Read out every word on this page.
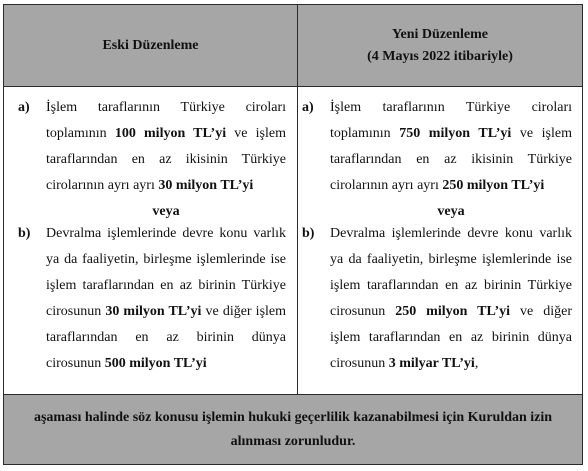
Eski Düzenleme
Yeni Düzenleme
(4 Mayıs 2022 itibariyle)
a) İşlem taraflarının Türkiye ciroları toplamının 100 milyon TL’yi ve işlem taraflarından en az ikisinin Türkiye cirolarının ayrı ayrı 30 milyon TL’yi
veya
b) Devralma işlemlerinde devre konu varlık ya da faaliyetin, birleşme işlemlerinde ise işlem taraflarından en az birinin Türkiye cirosunun 30 milyon TL’yi ve diğer işlem taraflarından en az birinin dünya cirosunun 500 milyon TL’yi
a) İşlem taraflarının Türkiye ciroları toplamının 750 milyon TL’yi ve işlem taraflarından en az ikisinin Türkiye cirolarının ayrı ayrı 250 milyon TL’yi
veya
b) Devralma işlemlerinde devre konu varlık ya da faaliyetin, birleşme işlemlerinde ise işlem taraflarından en az birinin Türkiye cirosunun 250 milyon TL’yi ve diğer işlem taraflarından en az birinin dünya cirosunun 3 milyar TL’yi,
aşaması halinde söz konusu işlemin hukuki geçerlilik kazanabilmesi için Kuruldan izin alınması zorunludur.
